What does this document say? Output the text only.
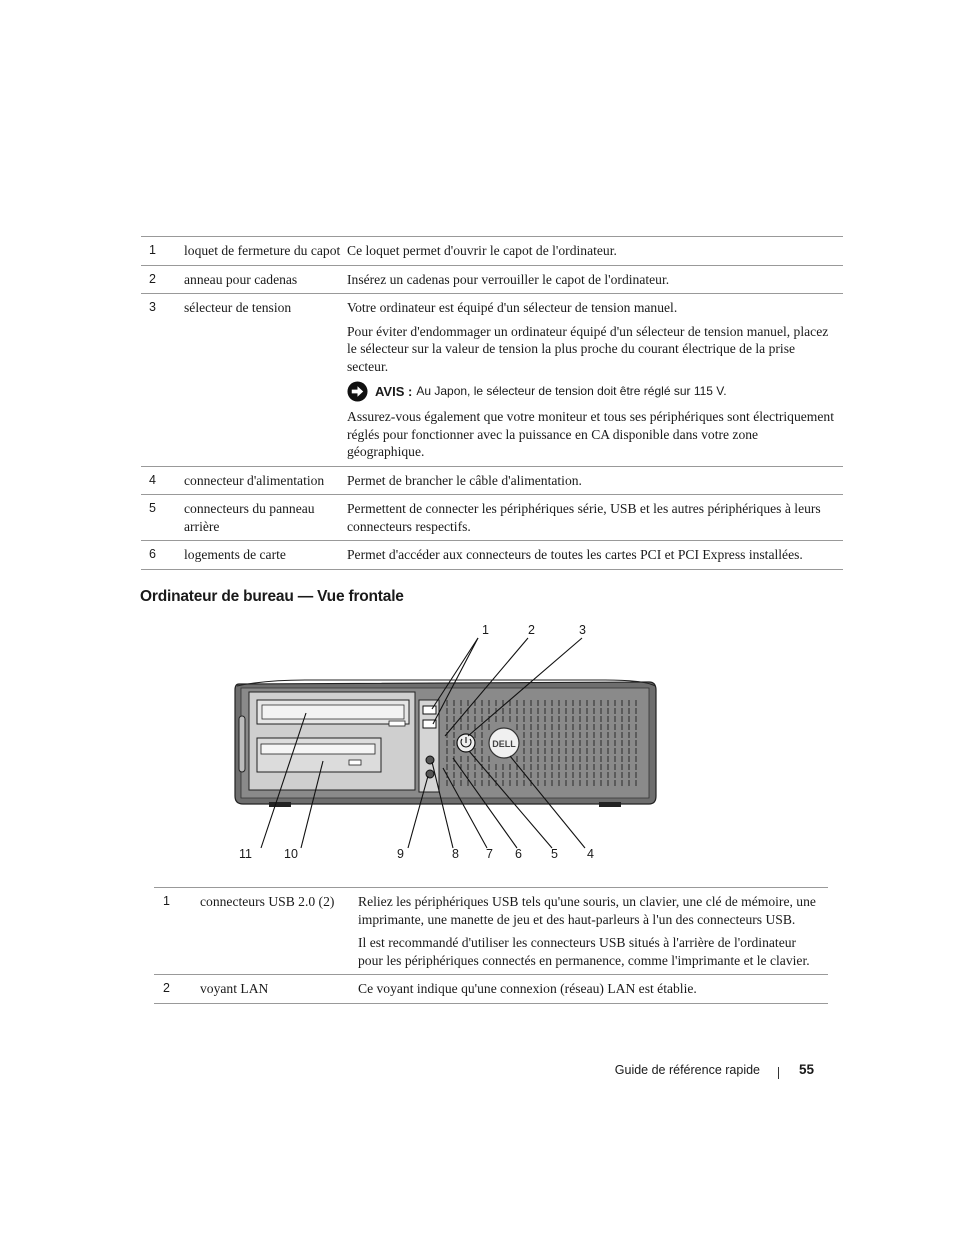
1	loquet de fermeture du capot	Ce loquet permet d'ouvrir le capot de l'ordinateur.

2	anneau pour cadenas	Insérez un cadenas pour verrouiller le capot de l'ordinateur.

3	sélecteur de tension	Votre ordinateur est équipé d'un sélecteur de tension manuel.

Pour éviter d'endommager un ordinateur équipé d'un sélecteur de tension manuel, placez le sélecteur sur la valeur de tension la plus proche du courant électrique de la prise secteur.

AVIS : Au Japon, le sélecteur de tension doit être réglé sur 115 V.

Assurez-vous également que votre moniteur et tous ses périphériques sont électriquement réglés pour fonctionner avec la puissance en CA disponible dans votre zone géographique.

4	connecteur d'alimentation	Permet de brancher le câble d'alimentation.

5	connecteurs du panneau arrière	Permettent de connecter les périphériques série, USB et les autres périphériques à leurs connecteurs respectifs.

6	logements de carte	Permet d'accéder aux connecteurs de toutes les cartes PCI et PCI Express installées.

Ordinateur de bureau — Vue frontale
DELL
1	2	3
11	10	9	8 7 6 5 4
1	connecteurs USB 2.0 (2)	Reliez les périphériques USB tels qu'une souris, un clavier, une clé de mémoire, une imprimante, une manette de jeu et des haut-parleurs à l'un des connecteurs USB.

Il est recommandé d'utiliser les connecteurs USB situés à l'arrière de l'ordinateur pour les périphériques connectés en permanence, comme l'imprimante et le clavier.

2	voyant LAN	Ce voyant indique qu'une connexion (réseau) LAN est établie.

Guide de référence rapide	55
